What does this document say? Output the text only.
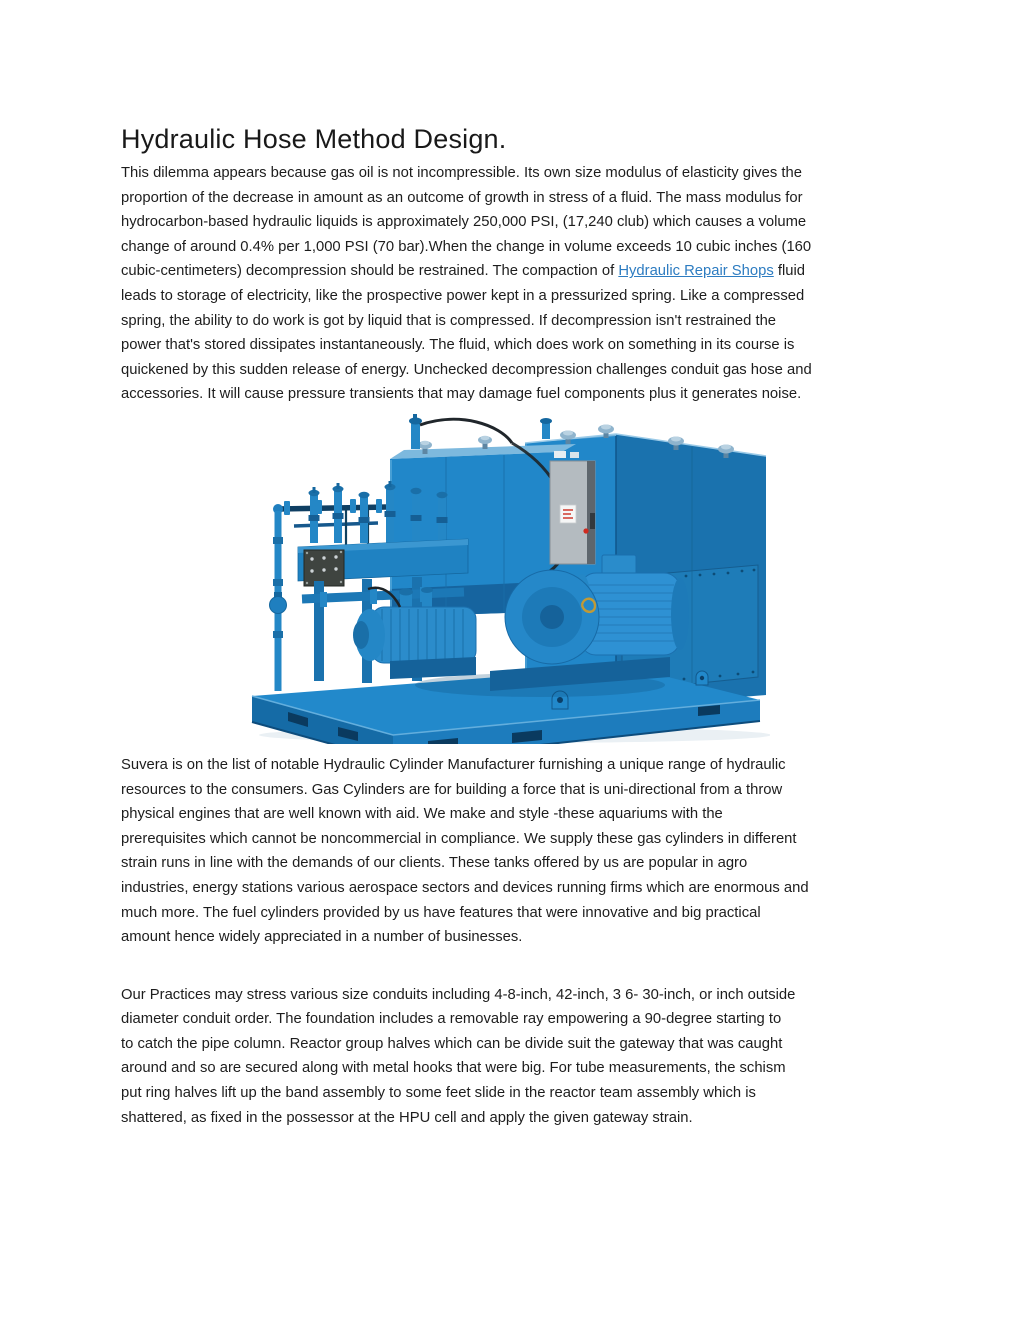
Hydraulic Hose Method Design.

This dilemma appears because gas oil is not incompressible. Its own size modulus of elasticity gives the
proportion of the decrease in amount as an outcome of growth in stress of a fluid. The mass modulus for
hydrocarbon-based hydraulic liquids is approximately 250,000 PSI, (17,240 club) which causes a volume
change of around 0.4% per 1,000 PSI (70 bar).When the change in volume exceeds 10 cubic inches (160
cubic-centimeters) decompression should be restrained. The compaction of Hydraulic Repair Shops fluid
leads to storage of electricity, like the prospective power kept in a pressurized spring. Like a compressed
spring, the ability to do work is got by liquid that is compressed. If decompression isn't restrained the
power that's stored dissipates instantaneously. The fluid, which does work on something in its course is
quickened by this sudden release of energy. Unchecked decompression challenges conduit gas hose and
accessories. It will cause pressure transients that may damage fuel components plus it generates noise.

Suvera is on the list of notable Hydraulic Cylinder Manufacturer furnishing a unique range of hydraulic
resources to the consumers. Gas Cylinders are for building a force that is uni-directional from a throw
physical engines that are well known with aid. We make and style -these aquariums with the
prerequisites which cannot be noncommercial in compliance. We supply these gas cylinders in different
strain runs in line with the demands of our clients. These tanks offered by us are popular in agro
industries, energy stations various aerospace sectors and devices running firms which are enormous and
much more. The fuel cylinders provided by us have features that were innovative and big practical
amount hence widely appreciated in a number of businesses.

Our Practices may stress various size conduits including 4-8-inch, 42-inch, 3 6- 30-inch, or inch outside
diameter conduit order. The foundation includes a removable ray empowering a 90-degree starting to
to catch the pipe column. Reactor group halves which can be divide suit the gateway that was caught
around and so are secured along with metal hooks that were big. For tube measurements, the schism
put ring halves lift up the band assembly to some feet slide in the reactor team assembly which is
shattered, as fixed in the possessor at the HPU cell and apply the given gateway strain.
